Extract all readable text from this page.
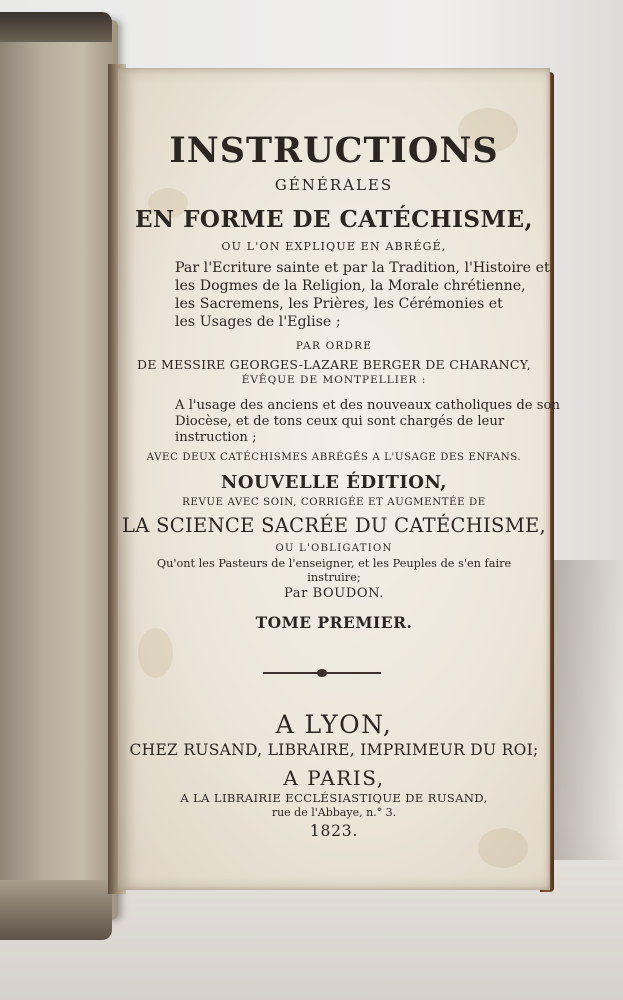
INSTRUCTIONS
GÉNÉRALES
EN FORME DE CATÉCHISME,
OU L'ON EXPLIQUE EN ABRÉGÉ,
Par l'Ecriture sainte et par la Tradition, l'Histoire et
les Dogmes de la Religion, la Morale chrétienne,
les Sacremens, les Prières, les Cérémonies et
les Usages de l'Eglise ;
PAR ORDRE
DE MESSIRE GEORGES-LAZARE BERGER DE CHARANCY,
ÉVÊQUE DE MONTPELLIER :
A l'usage des anciens et des nouveaux catholiques de son
Diocèse, et de tons ceux qui sont chargés de leur
instruction ;
AVEC DEUX CATÉCHISMES ABRÉGÉS A L'USAGE DES ENFANS.
NOUVELLE ÉDITION,
REVUE AVEC SOIN, CORRIGÉE ET AUGMENTÉE DE
LA SCIENCE SACRÉE DU CATÉCHISME,
OU L'OBLIGATION
Qu'ont les Pasteurs de l'enseigner, et les Peuples de s'en faire
instruire;
Par BOUDON.
TOME PREMIER.
A LYON,
CHEZ RUSAND, LIBRAIRE, IMPRIMEUR DU ROI;
A PARIS,
A LA LIBRAIRIE ECCLÉSIASTIQUE DE RUSAND,
rue de l'Abbaye, n.° 3.
1823.
